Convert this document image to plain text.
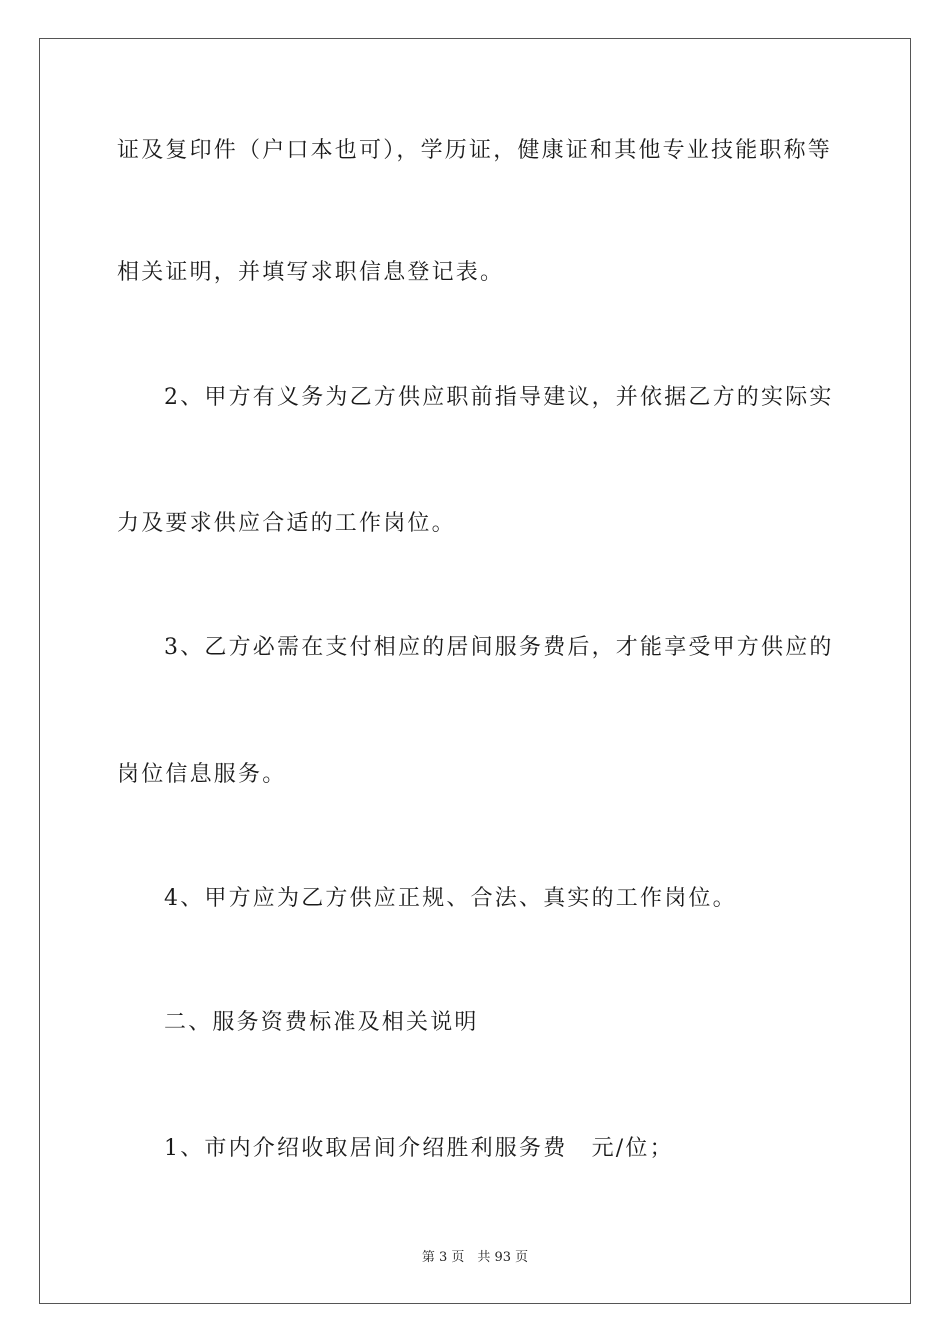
证及复印件（户口本也可），学历证，健康证和其他专业技能职称等
相关证明，并填写求职信息登记表。
2、甲方有义务为乙方供应职前指导建议，并依据乙方的实际实
力及要求供应合适的工作岗位。
3、乙方必需在支付相应的居间服务费后，才能享受甲方供应的
岗位信息服务。
4、甲方应为乙方供应正规、合法、真实的工作岗位。
二、服务资费标准及相关说明
1、市内介绍收取居间介绍胜利服务费　元/位；
第 3 页　共 93 页
